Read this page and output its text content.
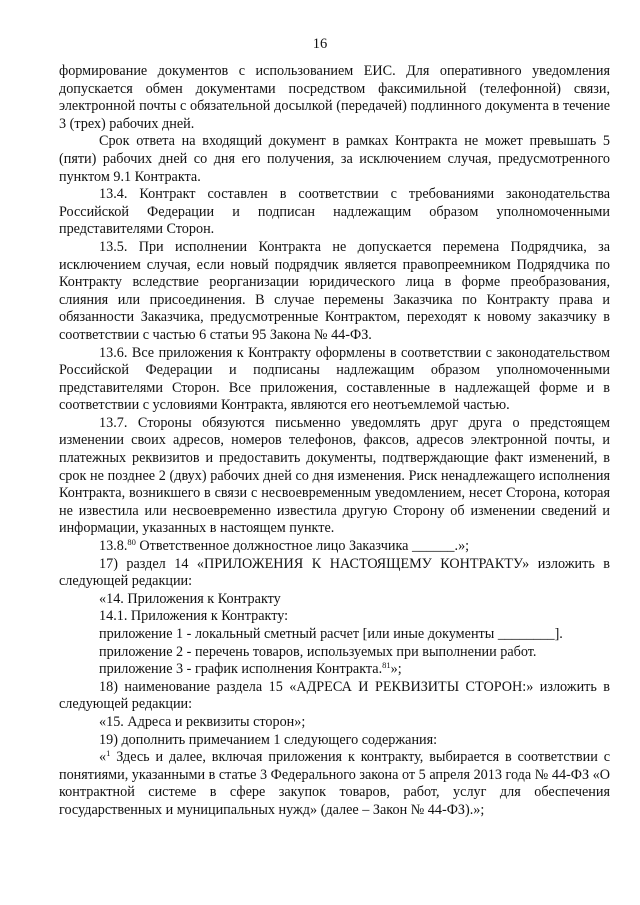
16

формирование документов с использованием ЕИС. Для оперативного уведомления допускается обмен документами посредством факсимильной (телефонной) связи, электронной почты с обязательной досылкой (передачей) подлинного документа в течение 3 (трех) рабочих дней.

Срок ответа на входящий документ в рамках Контракта не может превышать 5 (пяти) рабочих дней со дня его получения, за исключением случая, предусмотренного пунктом 9.1 Контракта.

13.4. Контракт составлен в соответствии с требованиями законодательства Российской Федерации и подписан надлежащим образом уполномоченными представителями Сторон.

13.5. При исполнении Контракта не допускается перемена Подрядчика, за исключением случая, если новый подрядчик является правопреемником Подрядчика по Контракту вследствие реорганизации юридического лица в форме преобразования, слияния или присоединения. В случае перемены Заказчика по Контракту права и обязанности Заказчика, предусмотренные Контрактом, переходят к новому заказчику в соответствии с частью 6 статьи 95 Закона № 44-ФЗ.

13.6. Все приложения к Контракту оформлены в соответствии с законодательством Российской Федерации и подписаны надлежащим образом уполномоченными представителями Сторон. Все приложения, составленные в надлежащей форме и в соответствии с условиями Контракта, являются его неотъемлемой частью.

13.7. Стороны обязуются письменно уведомлять друг друга о предстоящем изменении своих адресов, номеров телефонов, факсов, адресов электронной почты, и платежных реквизитов и предоставить документы, подтверждающие факт изменений, в срок не позднее 2 (двух) рабочих дней со дня изменения. Риск ненадлежащего исполнения Контракта, возникшего в связи с несвоевременным уведомлением, несет Сторона, которая не известила или несвоевременно известила другую Сторону об изменении сведений и информации, указанных в настоящем пункте.

13.8.80 Ответственное должностное лицо Заказчика ______.»;

17) раздел 14 «ПРИЛОЖЕНИЯ К НАСТОЯЩЕМУ КОНТРАКТУ» изложить в следующей редакции:

«14. Приложения к Контракту

14.1. Приложения к Контракту:

приложение 1 - локальный сметный расчет [или иные документы ________].

приложение 2 - перечень товаров, используемых при выполнении работ.

приложение 3 - график исполнения Контракта.$^{81}$»;

18) наименование раздела 15 «АДРЕСА И РЕКВИЗИТЫ СТОРОН:» изложить в следующей редакции:

«15. Адреса и реквизиты сторон»;

19) дополнить примечанием 1 следующего содержания:

«$^1$ Здесь и далее, включая приложения к контракту, выбирается в соответствии с понятиями, указанными в статье 3 Федерального закона от 5 апреля 2013 года № 44-ФЗ «О контрактной системе в сфере закупок товаров, работ, услуг для обеспечения государственных и муниципальных нужд» (далее – Закон № 44-ФЗ).»;
